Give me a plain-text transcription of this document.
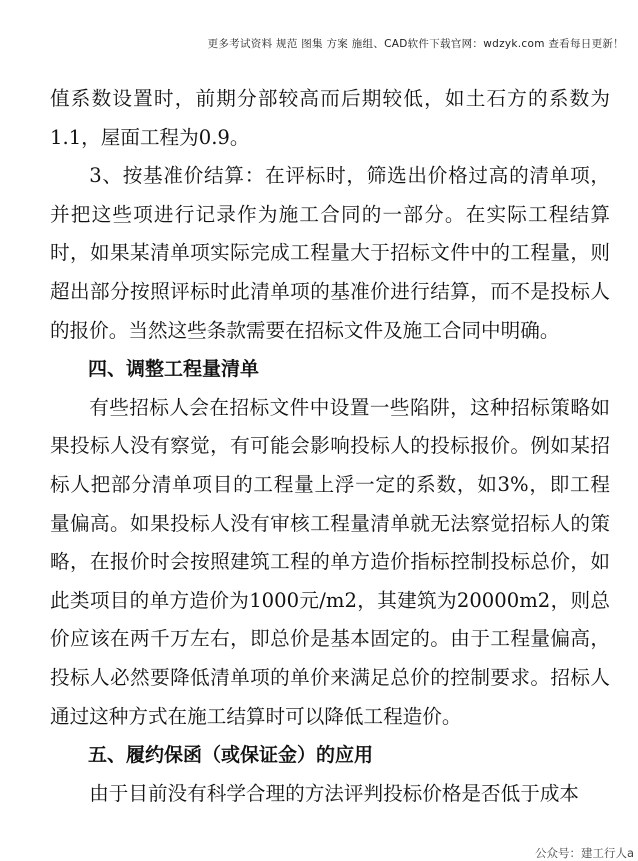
更多考试资料 规范 图集 方案 施组、CAD软件下载官网：wdzyk.com 查看每日更新！

值系数设置时，前期分部较高而后期较低，如土石方的系数为1.1，屋面工程为0.9。

3、按基准价结算：在评标时，筛选出价格过高的清单项，并把这些项进行记录作为施工合同的一部分。在实际工程结算时，如果某清单项实际完成工程量大于招标文件中的工程量，则超出部分按照评标时此清单项的基准价进行结算，而不是投标人的报价。当然这些条款需要在招标文件及施工合同中明确。

四、调整工程量清单

有些招标人会在招标文件中设置一些陷阱，这种招标策略如果投标人没有察觉，有可能会影响投标人的投标报价。例如某招标人把部分清单项目的工程量上浮一定的系数，如3%，即工程量偏高。如果投标人没有审核工程量清单就无法察觉招标人的策略，在报价时会按照建筑工程的单方造价指标控制投标总价，如此类项目的单方造价为1000元/m2，其建筑为20000m2，则总价应该在两千万左右，即总价是基本固定的。由于工程量偏高，投标人必然要降低清单项的单价来满足总价的控制要求。招标人通过这种方式在施工结算时可以降低工程造价。

五、履约保函（或保证金）的应用

由于目前没有科学合理的方法评判投标价格是否低于成本

公众号：建工行人a
